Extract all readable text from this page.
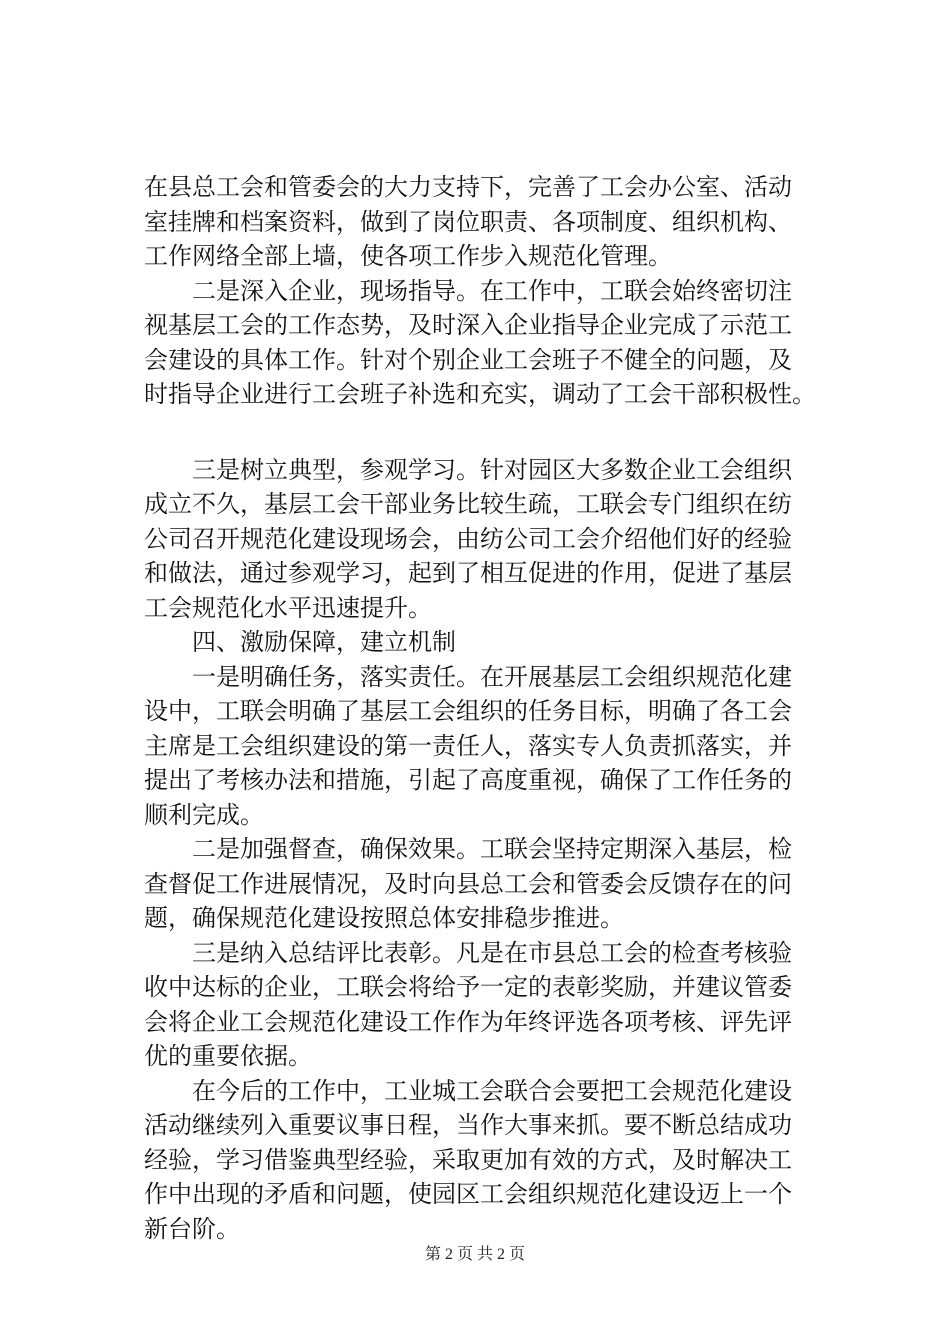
在县总工会和管委会的大力支持下，完善了工会办公室、活动
室挂牌和档案资料，做到了岗位职责、各项制度、组织机构、
工作网络全部上墙，使各项工作步入规范化管理。
二是深入企业，现场指导。在工作中，工联会始终密切注
视基层工会的工作态势，及时深入企业指导企业完成了示范工
会建设的具体工作。针对个别企业工会班子不健全的问题，及
时指导企业进行工会班子补选和充实，调动了工会干部积极性。
三是树立典型，参观学习。针对园区大多数企业工会组织
成立不久，基层工会干部业务比较生疏，工联会专门组织在纺
公司召开规范化建设现场会，由纺公司工会介绍他们好的经验
和做法，通过参观学习，起到了相互促进的作用，促进了基层
工会规范化水平迅速提升。
四、激励保障，建立机制
一是明确任务，落实责任。在开展基层工会组织规范化建
设中，工联会明确了基层工会组织的任务目标，明确了各工会
主席是工会组织建设的第一责任人，落实专人负责抓落实，并
提出了考核办法和措施，引起了高度重视，确保了工作任务的
顺利完成。
二是加强督查，确保效果。工联会坚持定期深入基层，检
查督促工作进展情况，及时向县总工会和管委会反馈存在的问
题，确保规范化建设按照总体安排稳步推进。
三是纳入总结评比表彰。凡是在市县总工会的检查考核验
收中达标的企业，工联会将给予一定的表彰奖励，并建议管委
会将企业工会规范化建设工作作为年终评选各项考核、评先评
优的重要依据。
在今后的工作中，工业城工会联合会要把工会规范化建设
活动继续列入重要议事日程，当作大事来抓。要不断总结成功
经验，学习借鉴典型经验，采取更加有效的方式，及时解决工
作中出现的矛盾和问题，使园区工会组织规范化建设迈上一个
新台阶。
第 2 页 共 2 页
